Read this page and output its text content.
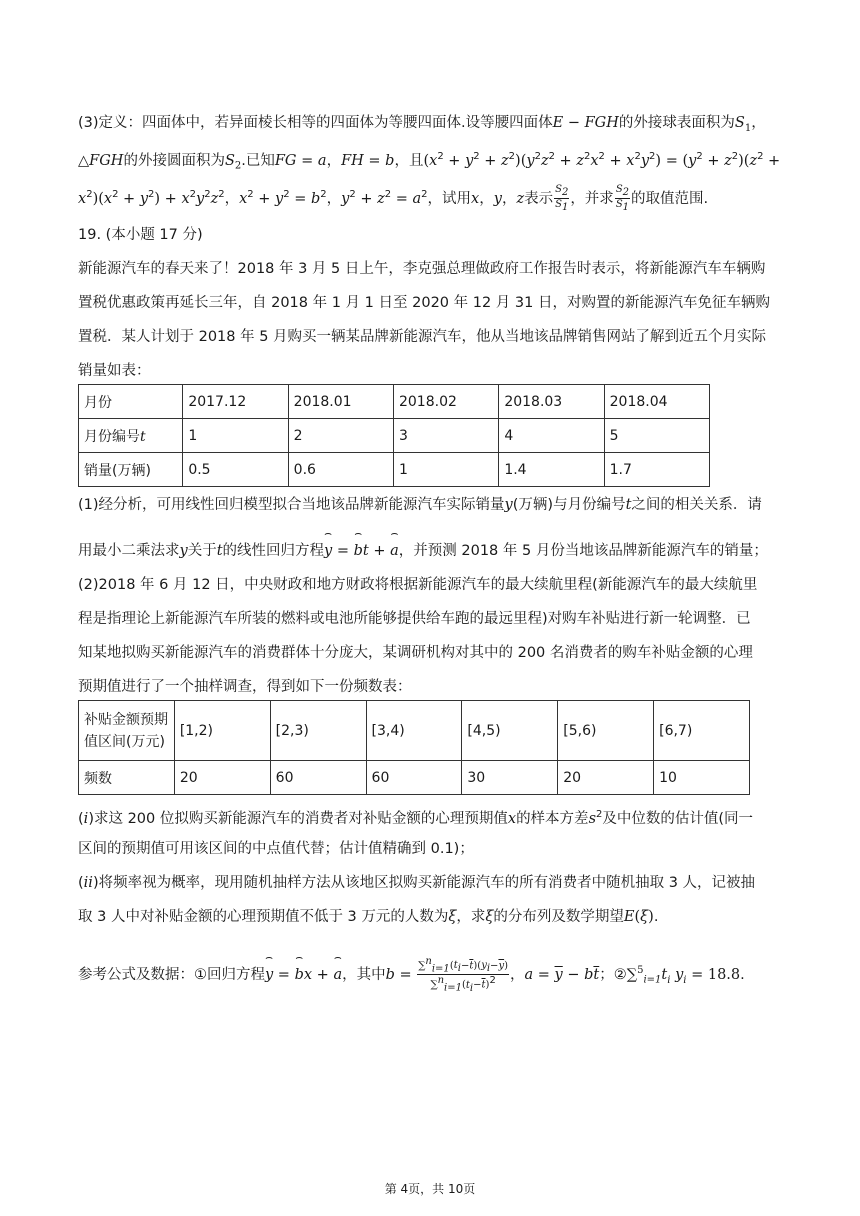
(3)定义：四面体中，若异面棱长相等的四面体为等腰四面体.设等腰四面体E − FGH的外接球表面积为$S_1$，
△FGH的外接圆面积为$S_2$.已知FG = a，FH = b，且$(x^2 + y^2 + z^2)(y^2z^2 + z^2x^2 + x^2y^2) = (y^2 + z^2)(z^2$ +
$x^2)(x^2 + y^2) + x^2y^2z^2$，$x^2 + y^2 = b^2$，$y^2 + z^2 = a^2$，试用x，y，z表示 $\frac{S_2}{S_1}$ ，并求 $\frac{S_2}{S_1}$ 的取值范围.
19. (本小题 17 分)
新能源汽车的春天来了！2018 年 3 月 5 日上午，李克强总理做政府工作报告时表示，将新能源汽车车辆购
置税优惠政策再延长三年，自 2018 年 1 月 1 日至 2020 年 12 月 31 日，对购置的新能源汽车免征车辆购
置税．某人计划于 2018 年 5 月购买一辆某品牌新能源汽车，他从当地该品牌销售网站了解到近五个月实际
销量如表：
月份	2017.12	2018.01	2018.02	2018.03	2018.04
月份编号t	1	2	3	4	5
销量(万辆)	0.5	0.6	1	1.4	1.7
(1)经分析，可用线性回归模型拟合当地该品牌新能源汽车实际销量y(万辆)与月份编号t之间的相关关系．请
用最小二乘法求y关于t的线性回归方程⌢ y = ⌢ bt + ⌢ a，并预测 2018 年 5 月份当地该品牌新能源汽车的销量；
(2)2018 年 6 月 12 日，中央财政和地方财政将根据新能源汽车的最大续航里程(新能源汽车的最大续航里
程是指理论上新能源汽车所装的燃料或电池所能够提供给车跑的最远里程)对购车补贴进行新一轮调整．已
知某地拟购买新能源汽车的消费群体十分庞大，某调研机构对其中的 200 名消费者的购车补贴金额的心理
预期值进行了一个抽样调查，得到如下一份频数表：
补贴金额预期值区间(万元)	[1,2)	[2,3)	[3,4)	[4,5)	[5,6)	[6,7)
频数	20	60	60	30	20	10
(i)求这 200 位拟购买新能源汽车的消费者对补贴金额的心理预期值x的样本方差$s^2$及中位数的估计值(同一
区间的预期值可用该区间的中点值代替；估计值精确到 0.1)；
(ii)将频率视为概率，现用随机抽样方法从该地区拟购买新能源汽车的所有消费者中随机抽取 3 人，记被抽
取 3 人中对补贴金额的心理预期值不低于 3 万元的人数为ξ，求ξ的分布列及数学期望E(ξ).
参考公式及数据：①回归方程⌢ y = ⌢ bx + ⌢ a，其中$b = \frac{\sum^n_{i=1}(t_i-\overline{t})(y_i-\overline{y})}{\sum^n_{i=1}(t_i-\overline{t})^2}$ ，$a = \overline{y} - b\overline{t}$；$②\sum^5_{i=1}t_i$ $y_i = 18.8$.
第 4页，共 10页
